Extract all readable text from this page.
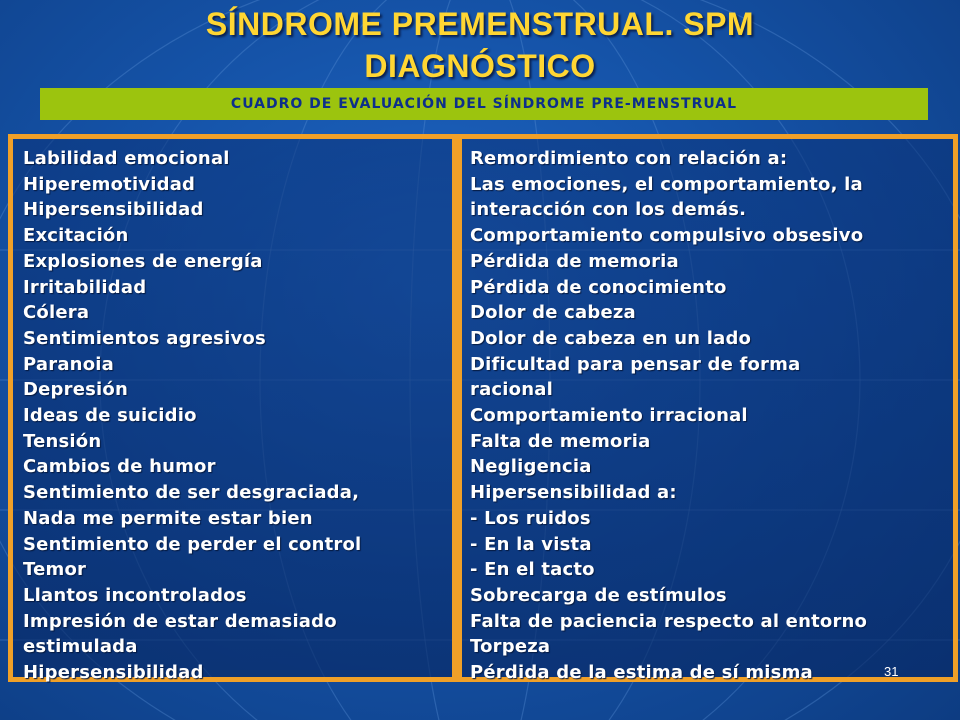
SÍNDROME PREMENSTRUAL. SPM
DIAGNÓSTICO
CUADRO DE EVALUACIÓN DEL SÍNDROME PRE-MENSTRUAL
Labilidad emocional
Hiperemotividad
Hipersensibilidad
Excitación
Explosiones de energía
Irritabilidad
Cólera
Sentimientos agresivos
Paranoia
Depresión
Ideas de suicidio
Tensión
Cambios de humor
Sentimiento de ser desgraciada,
Nada me permite estar bien
Sentimiento de perder el control
Temor
Llantos incontrolados
Impresión de estar demasiado
estimulada
Hipersensibilidad
Remordimiento con relación a:
Las emociones, el comportamiento, la
interacción con los demás.
Comportamiento compulsivo obsesivo
Pérdida de memoria
Pérdida de conocimiento
Dolor de cabeza
Dolor de cabeza en un lado
Dificultad para pensar de forma
racional
Comportamiento irracional
Falta de memoria
Negligencia
Hipersensibilidad a:
- Los ruidos
- En la vista
- En el tacto
Sobrecarga de estímulos
Falta de paciencia respecto al entorno
Torpeza
Pérdida de la estima de sí misma	31
